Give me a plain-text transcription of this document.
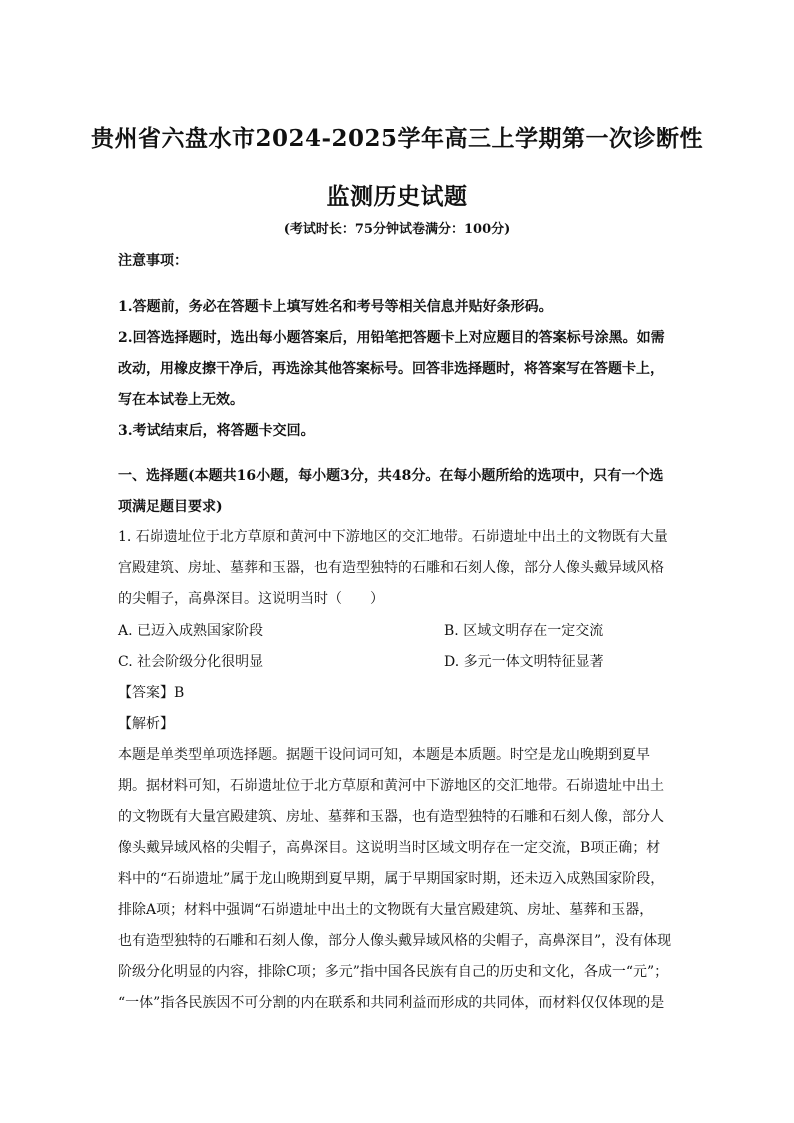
贵州省六盘水市2024-2025学年高三上学期第一次诊断性
监测历史试题
(考试时长：75分钟试卷满分：100分)
注意事项：
1.答题前，务必在答题卡上填写姓名和考号等相关信息并贴好条形码。
2.回答选择题时，选出每小题答案后，用铅笔把答题卡上对应题目的答案标号涂黑。如需
改动，用橡皮擦干净后，再选涂其他答案标号。回答非选择题时，将答案写在答题卡上，
写在本试卷上无效。
3.考试结束后，将答题卡交回。
一、选择题(本题共16小题，每小题3分，共48分。在每小题所给的选项中，只有一个选
项满足题目要求)
1. 石峁遗址位于北方草原和黄河中下游地区的交汇地带。石峁遗址中出土的文物既有大量
宫殿建筑、房址、墓葬和玉器，也有造型独特的石雕和石刻人像，部分人像头戴异域风格
的尖帽子，高鼻深目。这说明当时（　　）
A. 已迈入成熟国家阶段	B. 区域文明存在一定交流
C. 社会阶级分化很明显	D. 多元一体文明特征显著
【答案】B
【解析】
本题是单类型单项选择题。据题干设问词可知，本题是本质题。时空是龙山晚期到夏早
期。据材料可知，石峁遗址位于北方草原和黄河中下游地区的交汇地带。石峁遗址中出土
的文物既有大量宫殿建筑、房址、墓葬和玉器，也有造型独特的石雕和石刻人像，部分人
像头戴异域风格的尖帽子，高鼻深目。这说明当时区域文明存在一定交流，B项正确；材
料中的“石峁遗址”属于龙山晚期到夏早期，属于早期国家时期，还未迈入成熟国家阶段，
排除A项；材料中强调“石峁遗址中出土的文物既有大量宫殿建筑、房址、墓葬和玉器，
也有造型独特的石雕和石刻人像，部分人像头戴异域风格的尖帽子，高鼻深目”，没有体现
阶级分化明显的内容，排除C项；多元”指中国各民族有自己的历史和文化，各成一“元”；
“一体”指各民族因不可分割的内在联系和共同利益而形成的共同体，而材料仅仅体现的是
